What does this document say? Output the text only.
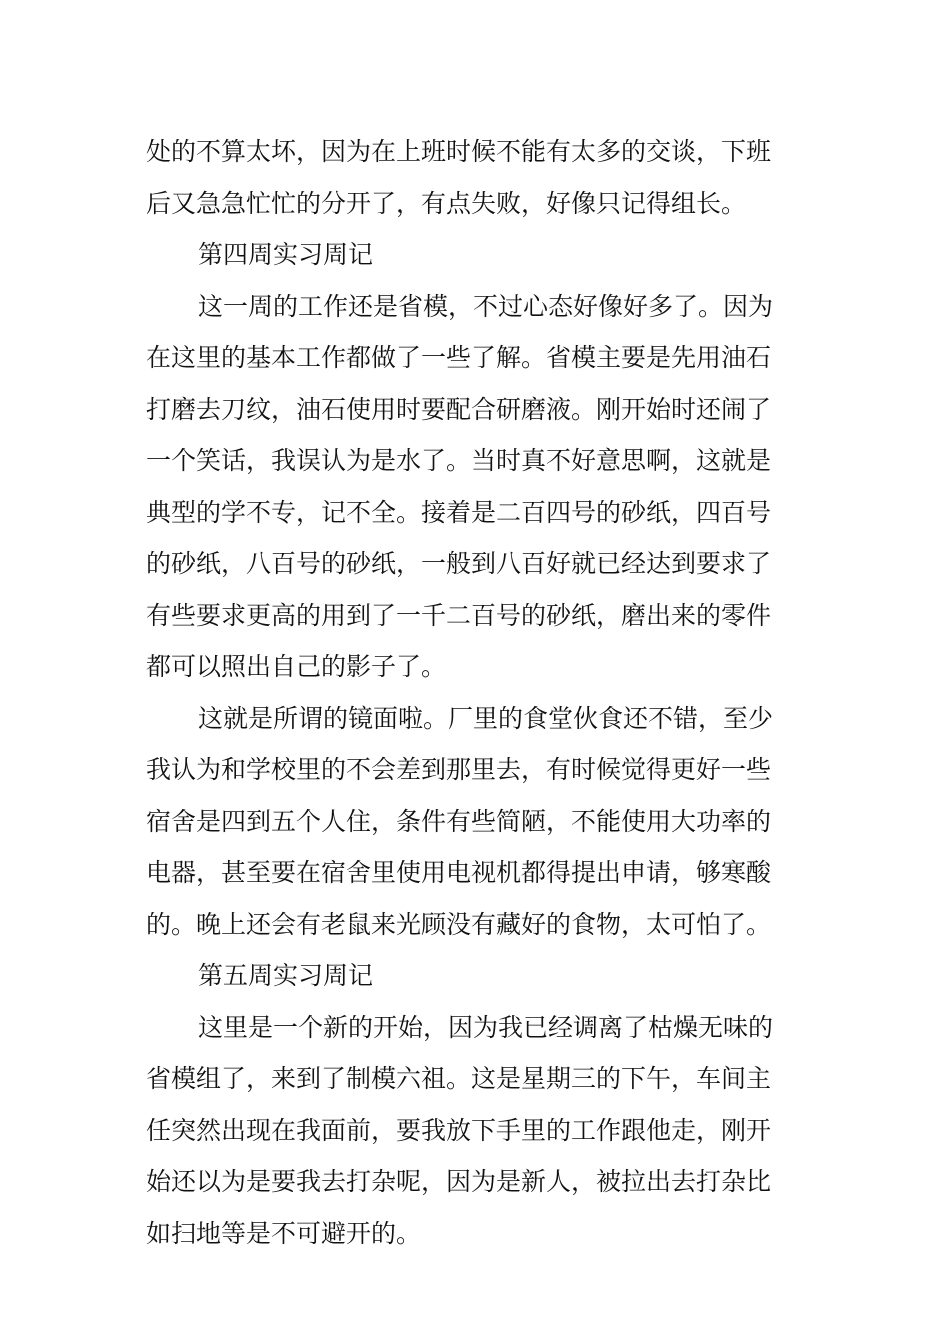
处的不算太坏，因为在上班时候不能有太多的交谈，下班
后又急急忙忙的分开了，有点失败，好像只记得组长。
第四周实习周记
这一周的工作还是省模，不过心态好像好多了。因为
在这里的基本工作都做了一些了解。省模主要是先用油石
打磨去刀纹，油石使用时要配合研磨液。刚开始时还闹了
一个笑话，我误认为是水了。当时真不好意思啊，这就是
典型的学不专，记不全。接着是二百四号的砂纸，四百号
的砂纸，八百号的砂纸，一般到八百好就已经达到要求了
有些要求更高的用到了一千二百号的砂纸，磨出来的零件
都可以照出自己的影子了。
这就是所谓的镜面啦。厂里的食堂伙食还不错，至少
我认为和学校里的不会差到那里去，有时候觉得更好一些
宿舍是四到五个人住，条件有些简陋，不能使用大功率的
电器，甚至要在宿舍里使用电视机都得提出申请，够寒酸
的。晚上还会有老鼠来光顾没有藏好的食物，太可怕了。
第五周实习周记
这里是一个新的开始，因为我已经调离了枯燥无味的
省模组了，来到了制模六祖。这是星期三的下午，车间主
任突然出现在我面前，要我放下手里的工作跟他走，刚开
始还以为是要我去打杂呢，因为是新人，被拉出去打杂比
如扫地等是不可避开的。
